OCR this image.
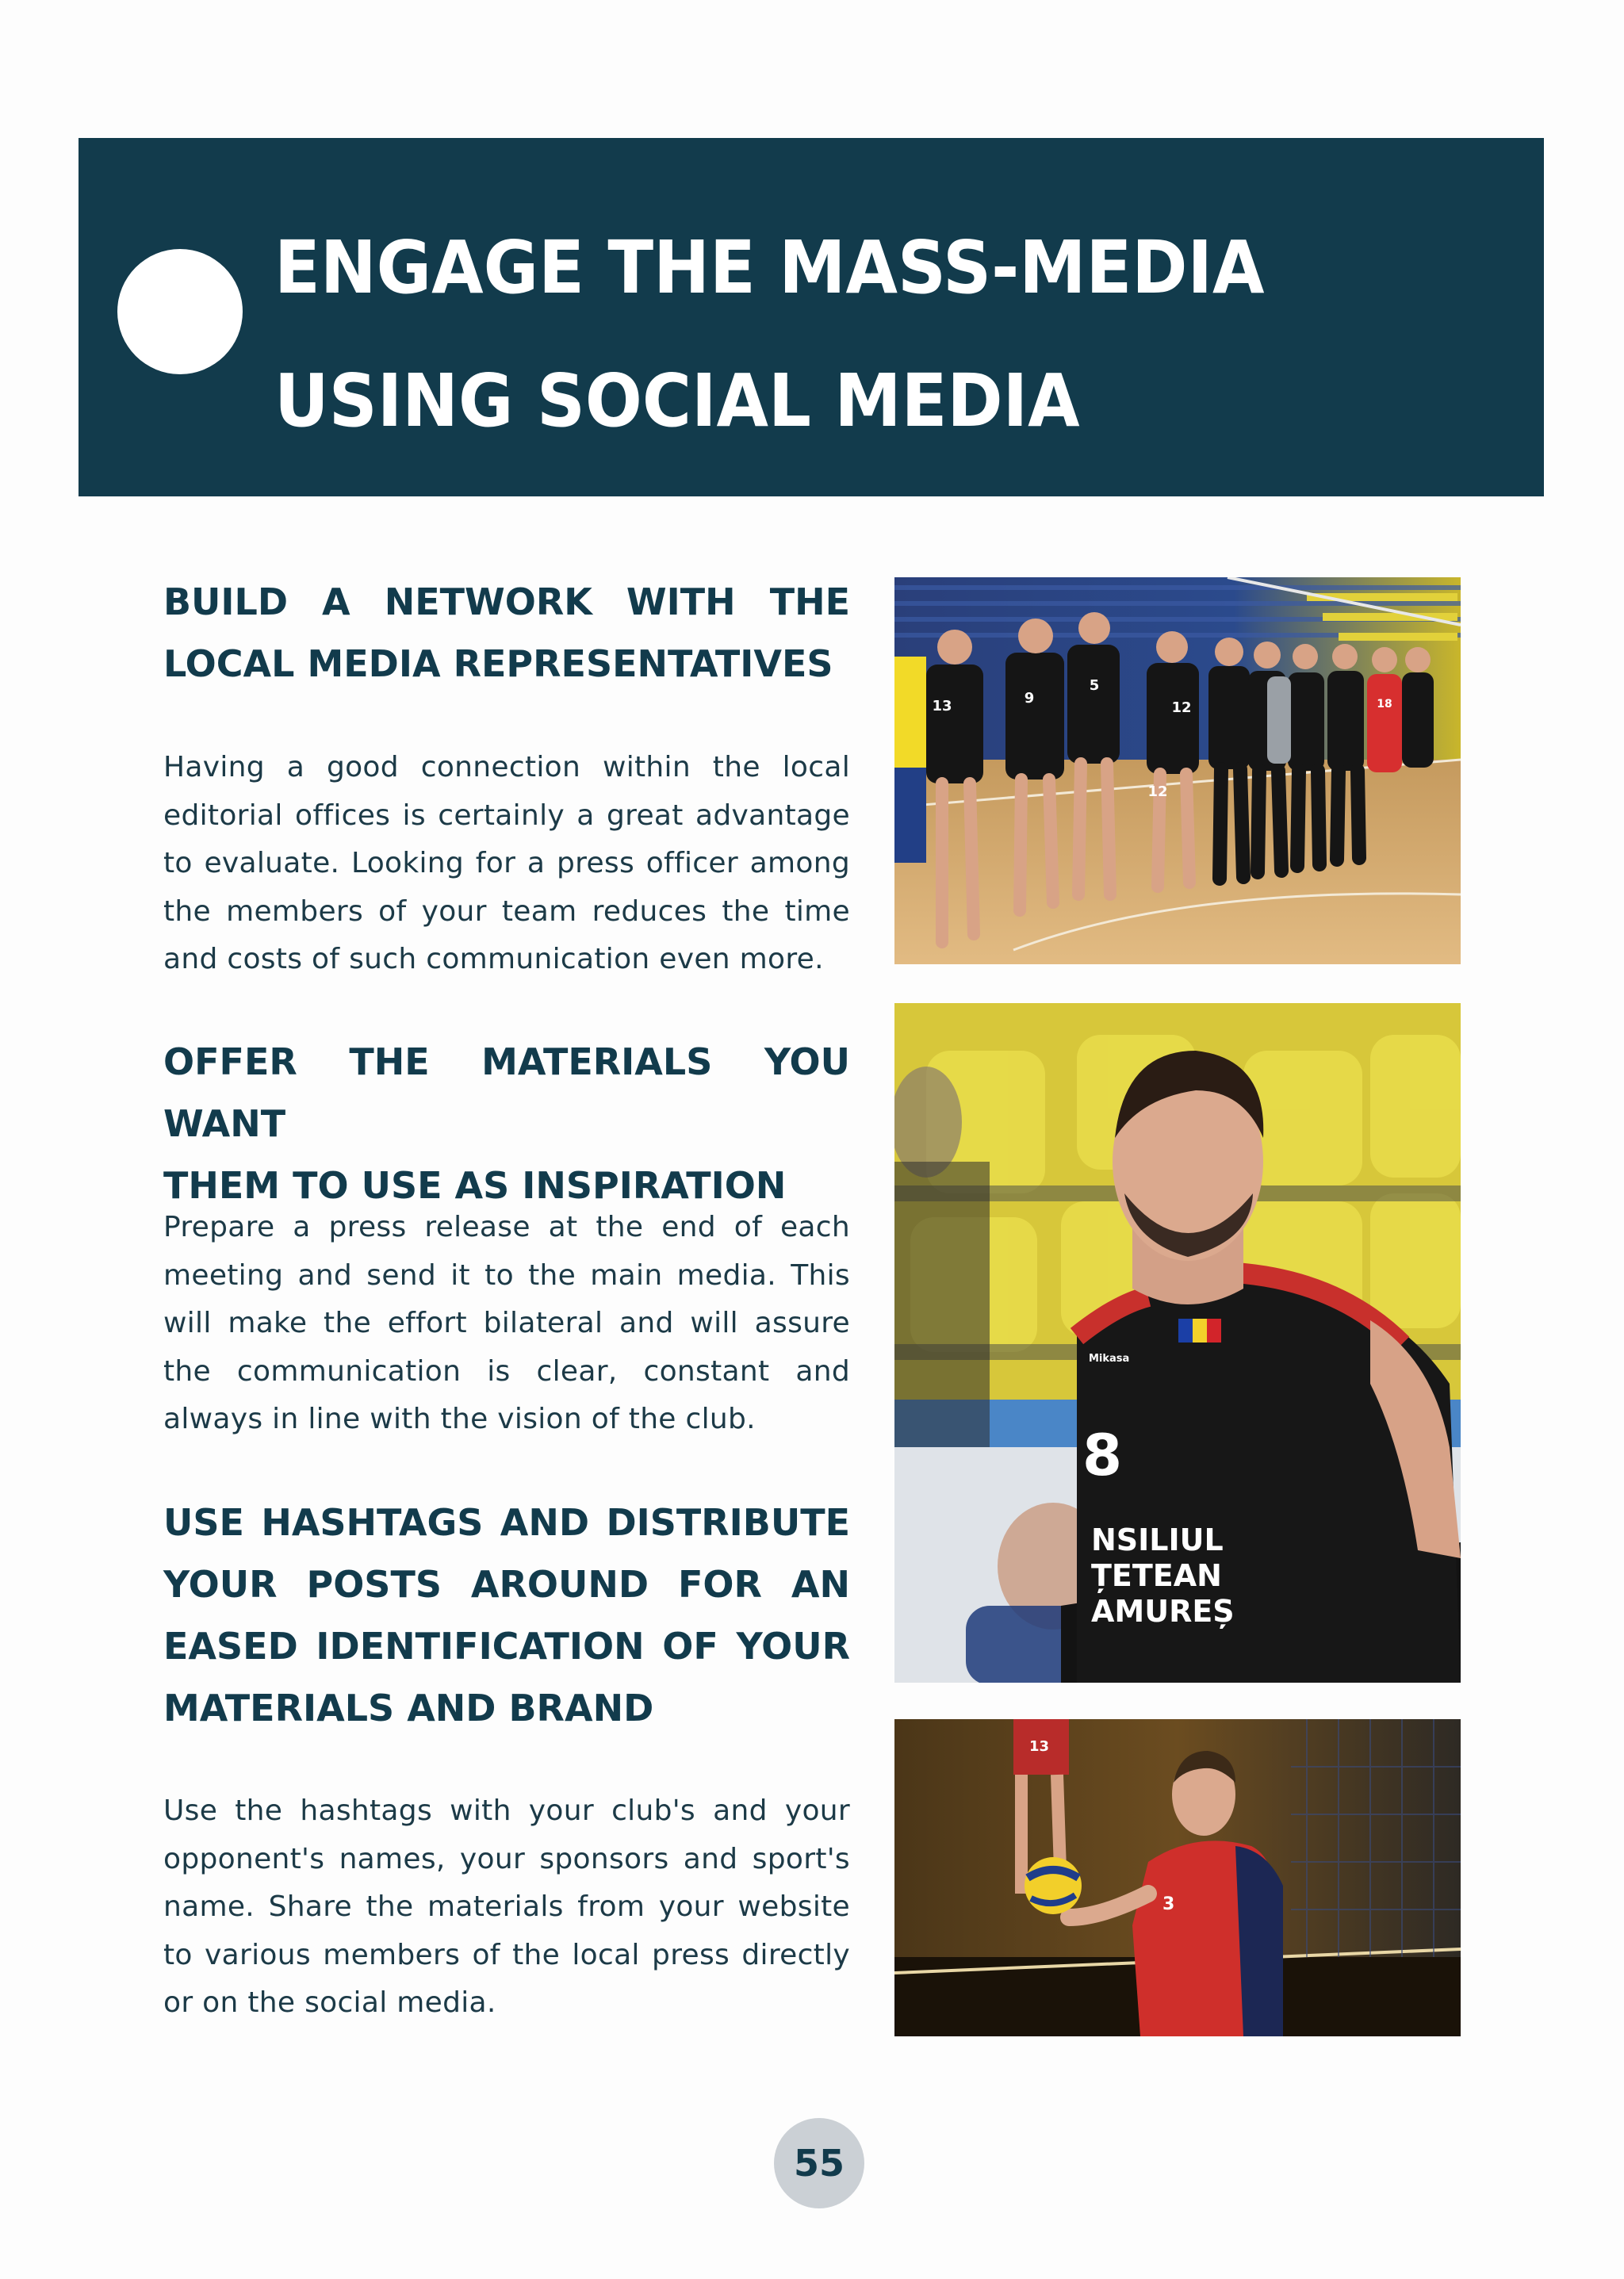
ENGAGE THE MASS-MEDIA
USING SOCIAL MEDIA
BUILD A NETWORK WITH THE
LOCAL MEDIA REPRESENTATIVES

Having a good connection within the local editorial offices is certainly a great advantage to evaluate. Looking for a press officer among the members of your team reduces the time and costs of such communication even more.

OFFER THE MATERIALS YOU WANT
THEM TO USE AS INSPIRATION

Prepare a press release at the end of each meeting and send it to the main media. This will make the effort bilateral and will assure the communication is clear, constant and always in line with the vision of the club.

USE HASHTAGS AND DISTRIBUTE
YOUR POSTS AROUND FOR AN
EASED IDENTIFICATION OF YOUR
MATERIALS AND BRAND

Use the hashtags with your club's and your opponent's names, your sponsors and sport's name. Share the materials from your website to various members of the local press directly or on the social media.

13	9
5
12
12
18
Mikasa
8
NSILIUL
ȚETEAN
AMUREȘ
13
3
55
